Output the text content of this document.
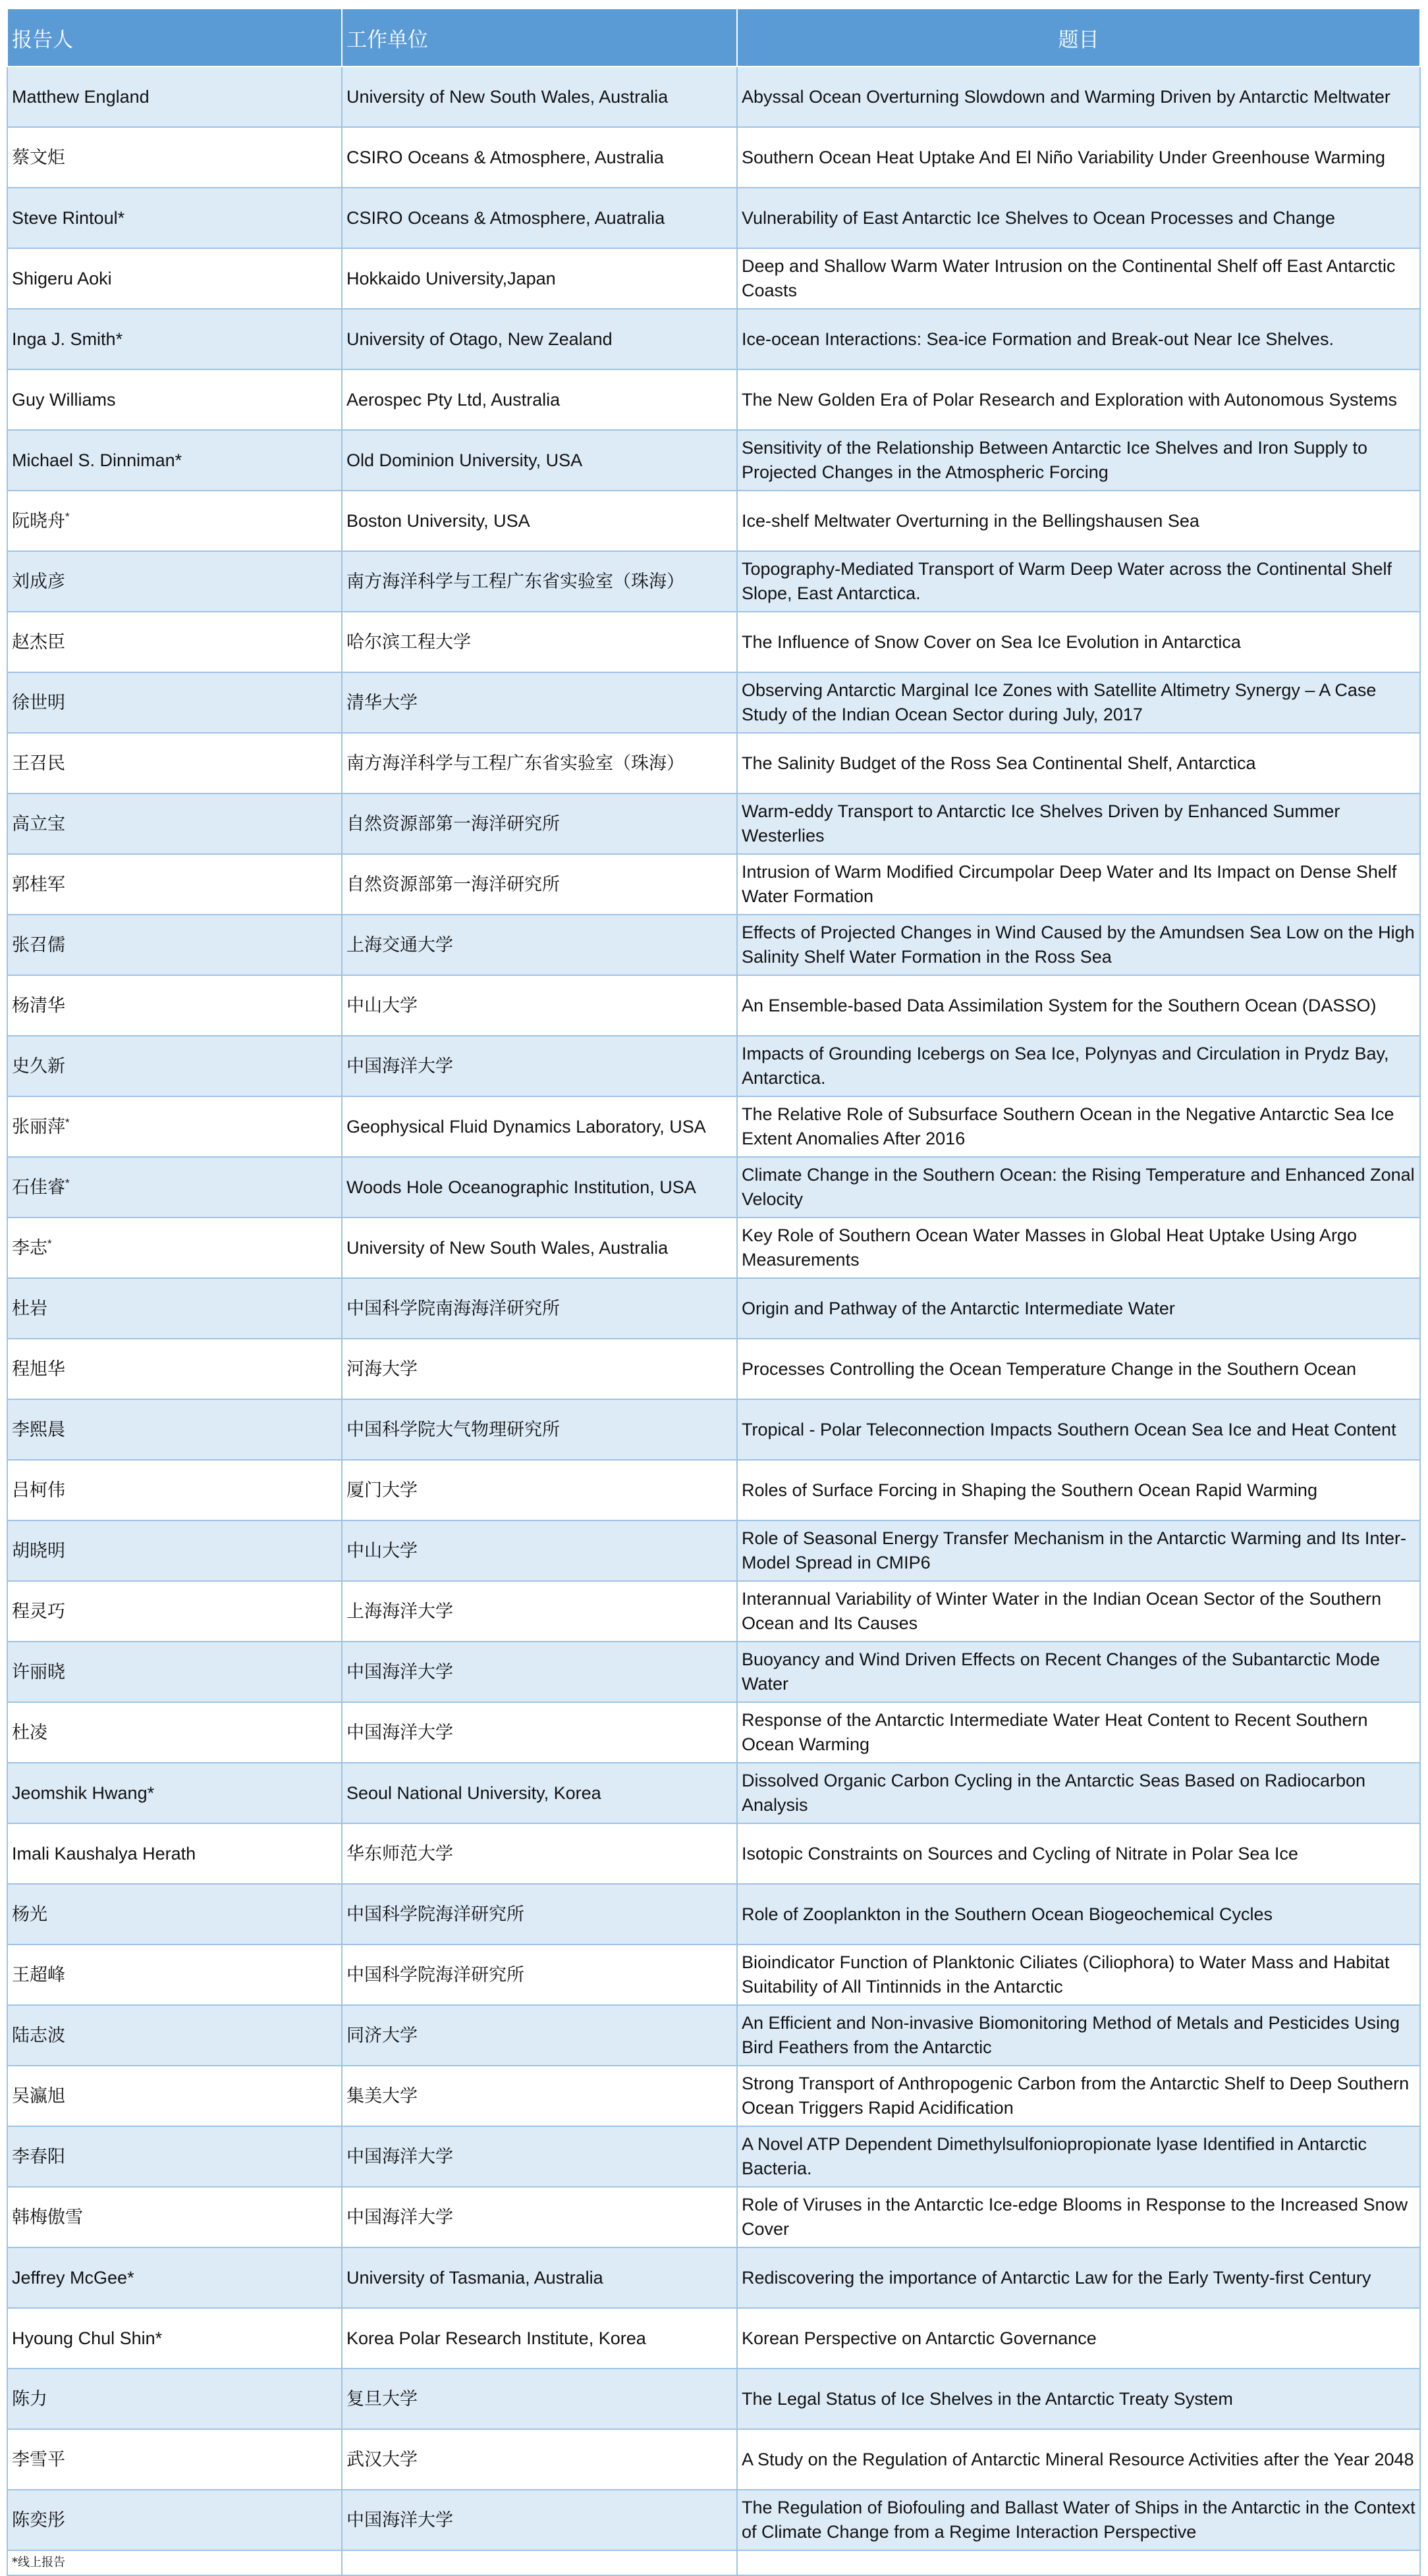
报告人	工作单位	题目
Matthew England	University of New South Wales, Australia	Abyssal Ocean Overturning Slowdown and Warming Driven by Antarctic Meltwater
蔡文炬	CSIRO Oceans & Atmosphere, Australia	Southern Ocean Heat Uptake And El Niño Variability Under Greenhouse Warming
Steve Rintoul*	CSIRO Oceans & Atmosphere, Auatralia	Vulnerability of East Antarctic Ice Shelves to Ocean Processes and Change
Shigeru Aoki	Hokkaido University,Japan	Deep and Shallow Warm Water Intrusion on the Continental Shelf off East Antarctic Coasts
Inga J. Smith*	University of Otago, New Zealand	Ice-ocean Interactions: Sea-ice Formation and Break-out Near Ice Shelves.
Guy Williams	Aerospec Pty Ltd, Australia	The New Golden Era of Polar Research and Exploration with Autonomous Systems
Michael S. Dinniman*	Old Dominion University, USA	Sensitivity of the Relationship Between Antarctic Ice Shelves and Iron Supply to Projected Changes in the Atmospheric Forcing
阮晓舟*	Boston University, USA	Ice-shelf Meltwater Overturning in the Bellingshausen Sea
刘成彦	南方海洋科学与工程广东省实验室（珠海）	Topography-Mediated Transport of Warm Deep Water across the Continental Shelf Slope, East Antarctica.
赵杰臣	哈尔滨工程大学	The Influence of Snow Cover on Sea Ice Evolution in Antarctica
徐世明	清华大学	Observing Antarctic Marginal Ice Zones with Satellite Altimetry Synergy – A Case Study of the Indian Ocean Sector during July, 2017
王召民	南方海洋科学与工程广东省实验室（珠海）	The Salinity Budget of the Ross Sea Continental Shelf, Antarctica
高立宝	自然资源部第一海洋研究所	Warm-eddy Transport to Antarctic Ice Shelves Driven by Enhanced Summer Westerlies
郭桂军	自然资源部第一海洋研究所	Intrusion of Warm Modified Circumpolar Deep Water and Its Impact on Dense Shelf Water Formation
张召儒	上海交通大学	Effects of Projected Changes in Wind Caused by the Amundsen Sea Low on the High Salinity Shelf Water Formation in the Ross Sea
杨清华	中山大学	An Ensemble-based Data Assimilation System for the Southern Ocean (DASSO)
史久新	中国海洋大学	Impacts of Grounding Icebergs on Sea Ice, Polynyas and Circulation in Prydz Bay, Antarctica.
张丽萍*	Geophysical Fluid Dynamics Laboratory, USA	The Relative Role of Subsurface Southern Ocean in the Negative Antarctic Sea Ice Extent Anomalies After 2016
石佳睿*	Woods Hole Oceanographic Institution, USA	Climate Change in the Southern Ocean: the Rising Temperature and Enhanced Zonal Velocity
李志*	University of New South Wales, Australia	Key Role of Southern Ocean Water Masses in Global Heat Uptake Using Argo Measurements
杜岩	中国科学院南海海洋研究所	Origin and Pathway of the Antarctic Intermediate Water
程旭华	河海大学	Processes Controlling the Ocean Temperature Change in the Southern Ocean
李熙晨	中国科学院大气物理研究所	Tropical - Polar Teleconnection Impacts Southern Ocean Sea Ice and Heat Content
吕柯伟	厦门大学	Roles of Surface Forcing in Shaping the Southern Ocean Rapid Warming
胡晓明	中山大学	Role of Seasonal Energy Transfer Mechanism in the Antarctic Warming and Its Inter-Model Spread in CMIP6
程灵巧	上海海洋大学	Interannual Variability of Winter Water in the Indian Ocean Sector of the Southern Ocean and Its Causes
许丽晓	中国海洋大学	Buoyancy and Wind Driven Effects on Recent Changes of the Subantarctic Mode Water
杜凌	中国海洋大学	Response of the Antarctic Intermediate Water Heat Content to Recent Southern Ocean Warming
Jeomshik Hwang*	Seoul National University, Korea	Dissolved Organic Carbon Cycling in the Antarctic Seas Based on Radiocarbon Analysis
Imali Kaushalya Herath	华东师范大学	Isotopic Constraints on Sources and Cycling of Nitrate in Polar Sea Ice
杨光	中国科学院海洋研究所	Role of Zooplankton in the Southern Ocean Biogeochemical Cycles
王超峰	中国科学院海洋研究所	Bioindicator Function of Planktonic Ciliates (Ciliophora) to Water Mass and Habitat Suitability of All Tintinnids in the Antarctic
陆志波	同济大学	An Efficient and Non-invasive Biomonitoring Method of Metals and Pesticides Using Bird Feathers from the Antarctic
吴瀛旭	集美大学	Strong Transport of Anthropogenic Carbon from the Antarctic Shelf to Deep Southern Ocean Triggers Rapid Acidification
李春阳	中国海洋大学	A Novel ATP Dependent Dimethylsulfoniopropionate lyase Identified in Antarctic Bacteria.
韩梅傲雪	中国海洋大学	Role of Viruses in the Antarctic Ice-edge Blooms in Response to the Increased Snow Cover
Jeffrey McGee*	University of Tasmania, Australia	Rediscovering the importance of Antarctic Law for the Early Twenty-first Century
Hyoung Chul Shin*	Korea Polar Research Institute, Korea	Korean Perspective on Antarctic Governance
陈力	复旦大学	The Legal Status of Ice Shelves in the Antarctic Treaty System
李雪平	武汉大学	A Study on the Regulation of Antarctic Mineral Resource Activities after the Year 2048
陈奕彤	中国海洋大学	The Regulation of Biofouling and Ballast Water of Ships in the Antarctic in the Context of Climate Change from a Regime Interaction Perspective
*线上报告		
